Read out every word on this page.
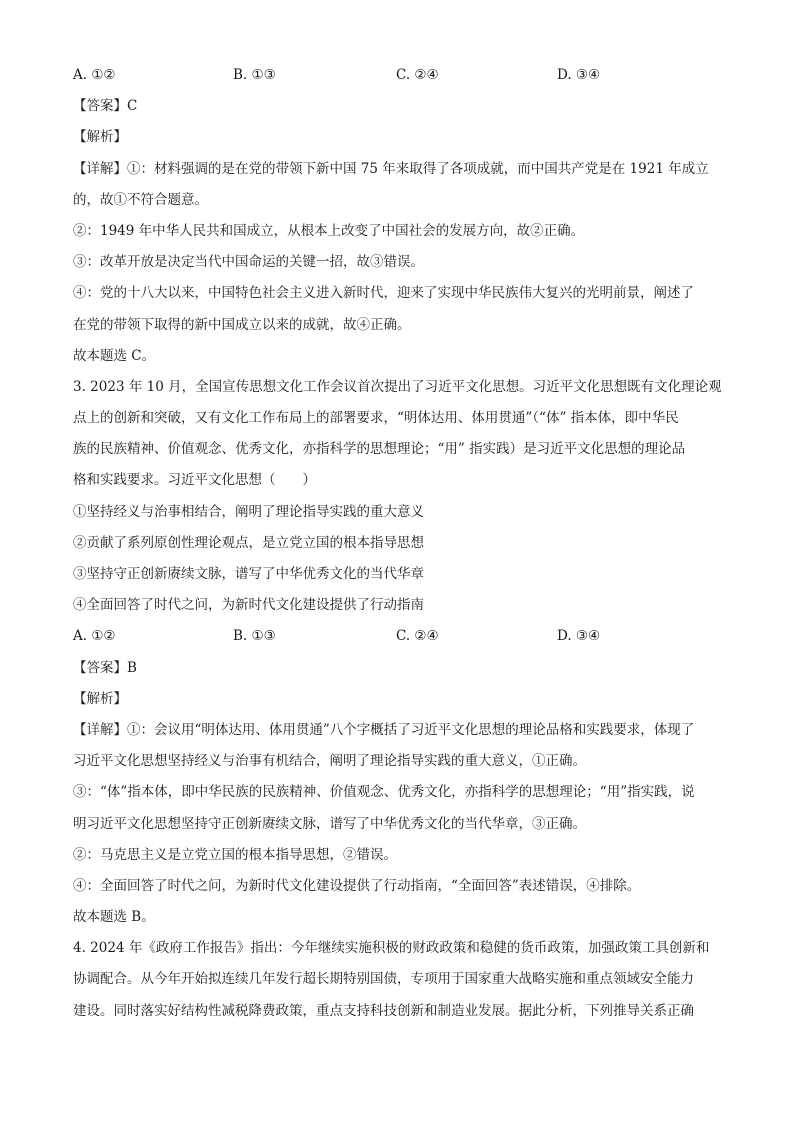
A. ①②	B. ①③	C. ②④	D. ③④
【答案】C
【解析】
【详解】①：材料强调的是在党的带领下新中国 75 年来取得了各项成就，而中国共产党是在 1921 年成立
的，故①不符合题意。
②：1949 年中华人民共和国成立，从根本上改变了中国社会的发展方向，故②正确。
③：改革开放是决定当代中国命运的关键一招，故③错误。
④：党的十八大以来，中国特色社会主义进入新时代，迎来了实现中华民族伟大复兴的光明前景，阐述了
在党的带领下取得的新中国成立以来的成就，故④正确。
故本题选 C。
3. 2023 年 10 月，全国宣传思想文化工作会议首次提出了习近平文化思想。习近平文化思想既有文化理论观
点上的创新和突破，又有文化工作布局上的部署要求，“明体达用、体用贯通”（“体” 指本体，即中华民
族的民族精神、价值观念、优秀文化，亦指科学的思想理论；“用” 指实践）是习近平文化思想的理论品
格和实践要求。习近平文化思想（　　）
①坚持经义与治事相结合，阐明了理论指导实践的重大意义
②贡献了系列原创性理论观点，是立党立国的根本指导思想
③坚持守正创新赓续文脉，谱写了中华优秀文化的当代华章
④全面回答了时代之问，为新时代文化建设提供了行动指南
A. ①②	B. ①③	C. ②④	D. ③④
【答案】B
【解析】
【详解】①：会议用“明体达用、体用贯通”八个字概括了习近平文化思想的理论品格和实践要求，体现了
习近平文化思想坚持经义与治事有机结合，阐明了理论指导实践的重大意义，①正确。
③：“体”指本体，即中华民族的民族精神、价值观念、优秀文化，亦指科学的思想理论；“用”指实践，说
明习近平文化思想坚持守正创新赓续文脉，谱写了中华优秀文化的当代华章，③正确。
②：马克思主义是立党立国的根本指导思想，②错误。
④：全面回答了时代之问，为新时代文化建设提供了行动指南，“全面回答”表述错误，④排除。
故本题选 B。
4. 2024 年《政府工作报告》指出：今年继续实施积极的财政政策和稳健的货币政策，加强政策工具创新和
协调配合。从今年开始拟连续几年发行超长期特别国债，专项用于国家重大战略实施和重点领域安全能力
建设。同时落实好结构性减税降费政策，重点支持科技创新和制造业发展。据此分析，下列推导关系正确
